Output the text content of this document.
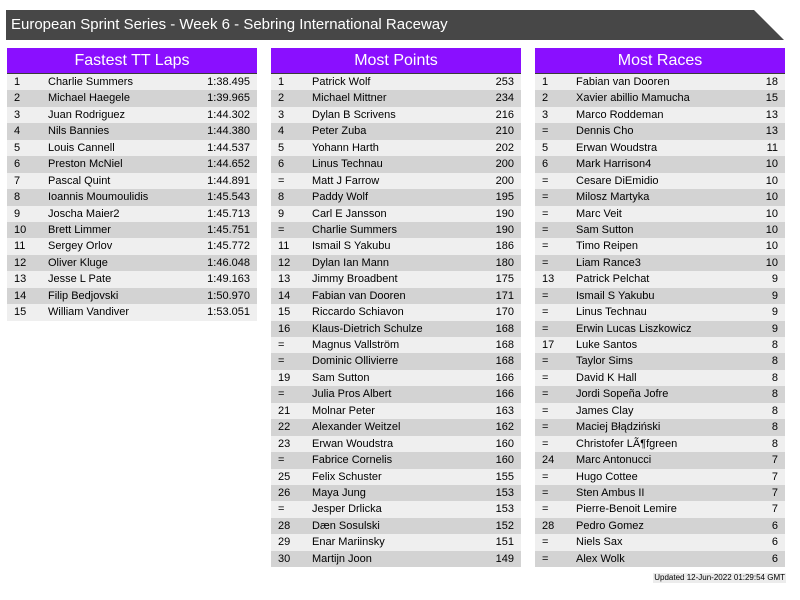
European Sprint Series - Week 6 - Sebring International Raceway
Fastest TT Laps
1	Charlie Summers	1:38.495
2	Michael Haegele	1:39.965
3	Juan Rodriguez	1:44.302
4	Nils Bannies	1:44.380
5	Louis Cannell	1:44.537
6	Preston McNiel	1:44.652
7	Pascal Quint	1:44.891
8	Ioannis Moumoulidis	1:45.543
9	Joscha Maier2	1:45.713
10 Brett Limmer	1:45.751
11 Sergey Orlov	1:45.772
12 Oliver Kluge	1:46.048
13 Jesse L Pate	1:49.163
14 Filip Bedjovski	1:50.970
15 William Vandiver	1:53.051
Most Points
1	Patrick Wolf	253
2	Michael Mittner	234
3	Dylan B Scrivens	216
4	Peter Zuba	210
5	Yohann Harth	202
6	Linus Technau	200
=	Matt J Farrow	200
8	Paddy Wolf	195
9	Carl E Jansson	190
=	Charlie Summers	190
11 Ismail S Yakubu	186
12 Dylan Ian Mann	180
13 Jimmy Broadbent	175
14 Fabian van Dooren	171
15 Riccardo Schiavon	170
16 Klaus-Dietrich Schulze	168
=	Magnus Vallström	168
=	Dominic Ollivierre	168
19 Sam Sutton	166
=	Julia Pros Albert	166
21 Molnar Peter	163
22 Alexander Weitzel	162
23 Erwan Woudstra	160
=	Fabrice Cornelis	160
25 Felix Schuster	155
26 Maya Jung	153
=	Jesper Drlicka	153
28 Dæn Sosulski	152
29 Enar Mariinsky	151
30 Martijn Joon	149
Most Races
1	Fabian van Dooren	18
2	Xavier abillio Mamucha	15
3	Marco Roddeman	13
=	Dennis Cho	13
5	Erwan Woudstra	11
6	Mark Harrison4	10
=	Cesare DiEmidio	10
=	Milosz Martyka	10
=	Marc Veit	10
=	Sam Sutton	10
=	Timo Reipen	10
=	Liam Rance3	10
13 Patrick Pelchat	9
=	Ismail S Yakubu	9
=	Linus Technau	9
=	Erwin Lucas Liszkowicz	9
17 Luke Santos	8
=	Taylor Sims	8
=	David K Hall	8
=	Jordi Sopeña Jofre	8
=	James Clay	8
=	Maciej Błądziński	8
=	Christofer LÃ¶fgreen	8
24 Marc Antonucci	7
=	Hugo Cottee	7
=	Sten Ambus II	7
=	Pierre-Benoit Lemire	7
28 Pedro Gomez	6
=	Niels Sax	6
=	Alex Wolk	6
Updated 12-Jun-2022 01:29:54 GMT
